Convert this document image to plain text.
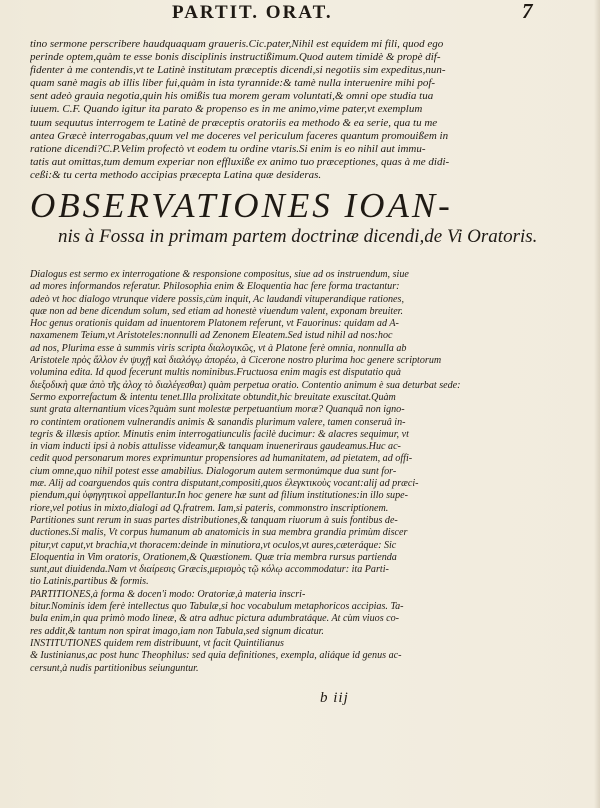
PARTIT. ORAT.	7
tino sermone perscribere haudquaquam graueris.Cic.pater,Nihil est equidem mi fili, quod ego
perinde optem,quàm te esse bonis disciplinis instructißimum.Quod autem timidè & propè dif-
fidenter à me contendis,vt te Latinè institutam præceptis dicendi,si negotiis sim expeditus,nun-
quam sanè magis ab illis liber fui,quàm in ista tyrannide:& tamè nulla interuenire mihi pof-
sent adeò grauia negotia,quin his omißis tua morem geram voluntati,& omni ope studia tua
iuuem. C.F. Quando igitur ita parato & propenso es in me animo,vime pater,vt exemplum
tuum sequutus interrogem te Latinè de præceptis oratoriis ea methodo & ea serie, qua tu me
antea Græcè interrogabas,quum vel me doceres vel periculum faceres quantum promouißem in
ratione dicendi?C.P.Velim profectò vt eodem tu ordine vtaris.Si enim is eo nihil aut immu-
tatis aut omittas,tum demum experiar non effluxiße ex animo tuo præceptiones, quas à me didi-
ceßi:& tu certa methodo accipias præcepta Latina quæ desideras.
OBSERVATIONES IOAN-
nis à Fossa in primam partem doctrinæ dicendi,de Vi Oratoris.
Dialogus est sermo ex interrogatione & responsione compositus, siue ad os instruendum, siue
ad mores informandos referatur. Philosophia enim & Eloquentia hac fere forma tractantur:
adeò vt hoc dialogo vtrunque videre possis,cùm inquit, Ac laudandi vituperandique rationes,
quæ non ad bene dicendum solum, sed etiam ad honestè viuendum valent, exponam breuiter.
Hoc genus orationis quidam ad inuentorem Platonem referunt, vt Fauorinus: quidam ad A-
naxamenem Teium,vt Aristoteles:nonnulli ad Zenonem Eleatem.Sed istud nihil ad nos:hoc
ad nos, Plurima esse à summis viris scripta διαλογικῶς, vt à Platone ferè omnia, nonnulla ab
Aristotele πρὸς ἄλλον ἐν ψυχῇ καὶ διαλόγῳ ἀπορέω, à Cicerone nostro plurima hoc genere scriptorum
volumina edita. Id quod fecerunt multis nominibus.Fructuosa enim magis est disputatio quà
διεξοδικὴ quæ ἀπὸ τῆς ἀλοχ τὸ διαλέγεσθαι) quàm perpetua oratio. Contentio animum è sua deturbat sede:
Sermo exporrefactum & intentu tenet.Illa prolixitate obtundit,hic breuitate exuscitat.Quàm
sunt grata alternantium vices?quàm sunt molestæ perpetuantium moræ? Quanquã non igno-
ro contintem orationem vulnerandis animis & sanandis plurimum valere, tamen conseruâ in-
tegris & illæsis aptior. Minutis enim interrogatiunculis facilè ducimur: & alacres sequimur, vt
in viam inducti ipsi à nobis attulisse videamur,& tanquam inueneriraus gaudeamus.Huc ac-
cedit quod personarum mores exprimuntur propensiores ad humanitatem, ad pietatem, ad offi-
cium omne,quo nihil potest esse amabilius. Dialogorum autem sermonúmque dua sunt for-
mæ. Alij ad coarguendos quis contra disputant,compositi,quos ἐλεγκτικοὺς vocant:alij ad præci-
piendum,qui ὑφηγητικοὶ appellantur.In hoc genere hæ sunt ad filium institutiones:in illo supe-
riore,vel potius in mixto,dialogi ad Q.fratrem. Iam,si pateris, commonstro inscriptionem.
Partitiones sunt rerum in suas partes distributiones,& tanquam riuorum à suis fontibus de-
ductiones.Si malis, Vt corpus humanum ab anatomicis in sua membra grandia primùm discer
pitur,vt caput,vt brachia,vt thoracem:deinde in minutiora,vt oculos,vt aures,cæteráque: Sic
Eloquentia in Vim oratoris, Orationem,& Quæstionem. Quæ tria membra rursus partienda
sunt,aut diuidenda.Nam vt διαίρεσις Græcis,μερισμὸς τῷ κόλῳ accommodatur: ita Parti-
tio Latinis,partibus & formis.
PARTITIONES,à forma & docen'i modo: Oratoriæ,à materia inscri-
bitur.Nominis idem ferè intellectus quo Tabulæ,si hoc vocabulum metaphoricos accipias. Ta-
bula enim,in qua primò modo lineæ, & atra adhuc pictura adumbratáque. At cùm viuos co-
res addit,& tantum non spirat imago,iam non Tabula,sed signum dicatur.
INSTITUTIONES quidem rem distribuunt, vt facit Quintilianus
& Iustinianus,ac post hunc Theophilus: sed quia definitiones, exempla, aliáque id genus ac-
cersunt,à nudis partitionibus seiunguntur.
b iij
